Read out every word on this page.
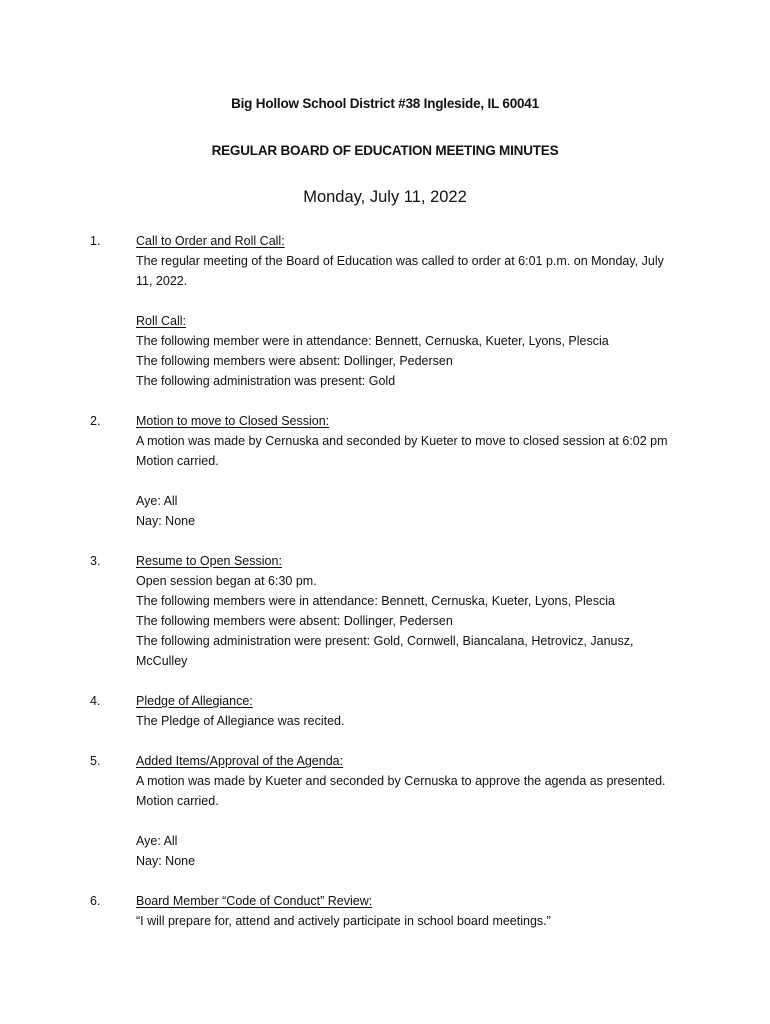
Big Hollow School District #38 Ingleside, IL 60041
REGULAR BOARD OF EDUCATION MEETING MINUTES
Monday, July 11, 2022
1.	Call to Order and Roll Call:
The regular meeting of the Board of Education was called to order at 6:01 p.m. on Monday, July
11, 2022.
Roll Call:
The following member were in attendance: Bennett, Cernuska, Kueter, Lyons, Plescia
The following members were absent: Dollinger, Pedersen
The following administration was present: Gold
2.	Motion to move to Closed Session:
A motion was made by Cernuska and seconded by Kueter to move to closed session at 6:02 pm
Motion carried.
Aye: All
Nay: None
3.	Resume to Open Session:
Open session began at 6:30 pm.
The following members were in attendance: Bennett, Cernuska, Kueter, Lyons, Plescia
The following members were absent: Dollinger, Pedersen
The following administration were present: Gold, Cornwell, Biancalana, Hetrovicz, Janusz,
McCulley
4.	Pledge of Allegiance:
The Pledge of Allegiance was recited.
5.	Added Items/Approval of the Agenda:
A motion was made by Kueter and seconded by Cernuska to approve the agenda as presented.
Motion carried.
Aye: All
Nay: None
6.	Board Member “Code of Conduct” Review:
“I will prepare for, attend and actively participate in school board meetings.”
